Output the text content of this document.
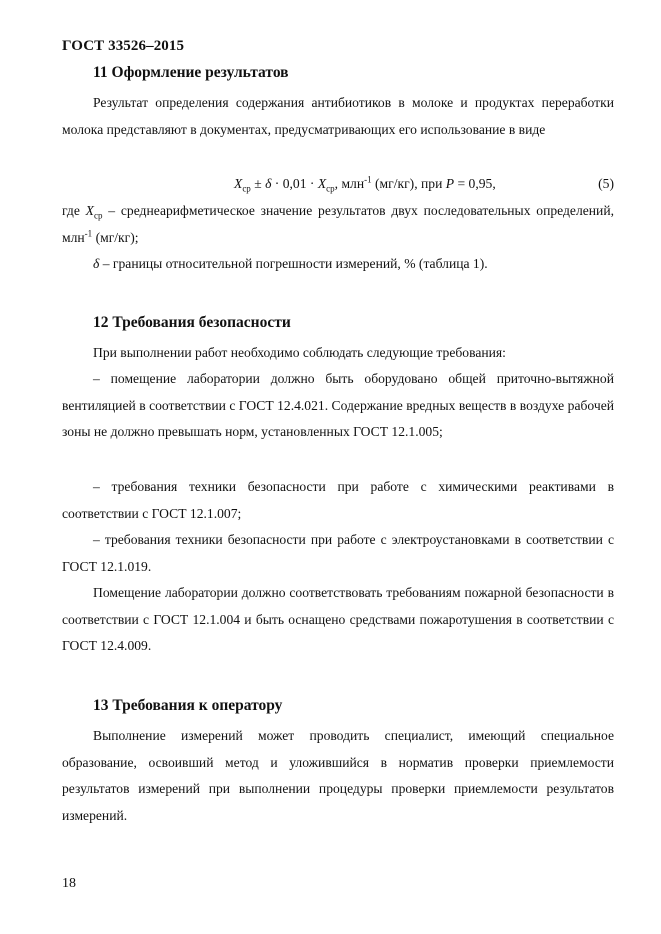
ГОСТ 33526–2015
11 Оформление результатов
Результат определения содержания антибиотиков в молоке и продуктах переработки молока представляют в документах, предусматривающих его использование в виде
$X_{ср} \pm \delta \cdot 0,01 \cdot X_{ср}$, млн$^{-1}$ (мг/кг), при P = 0,95,	(5)
где $X_{ср}$ – среднеарифметическое значение результатов двух последовательных определений, млн$^{-1}$ (мг/кг);
δ – границы относительной погрешности измерений, % (таблица 1).
12 Требования безопасности
При выполнении работ необходимо соблюдать следующие требования:
– помещение лаборатории должно быть оборудовано общей приточно-вытяжной вентиляцией в соответствии с ГОСТ 12.4.021. Содержание вредных веществ в воздухе рабочей зоны не должно превышать норм, установленных ГОСТ 12.1.005;
– требования техники безопасности при работе с химическими реактивами в соответствии с ГОСТ 12.1.007;
– требования техники безопасности при работе с электроустановками в соответствии с ГОСТ 12.1.019.
Помещение лаборатории должно соответствовать требованиям пожарной безопасности в соответствии с ГОСТ 12.1.004 и быть оснащено средствами пожаротушения в соответствии с ГОСТ 12.4.009.
13 Требования к оператору
Выполнение измерений может проводить специалист, имеющий специальное образование, освоивший метод и уложившийся в норматив проверки приемлемости результатов измерений при выполнении процедуры проверки приемлемости результатов измерений.
18
